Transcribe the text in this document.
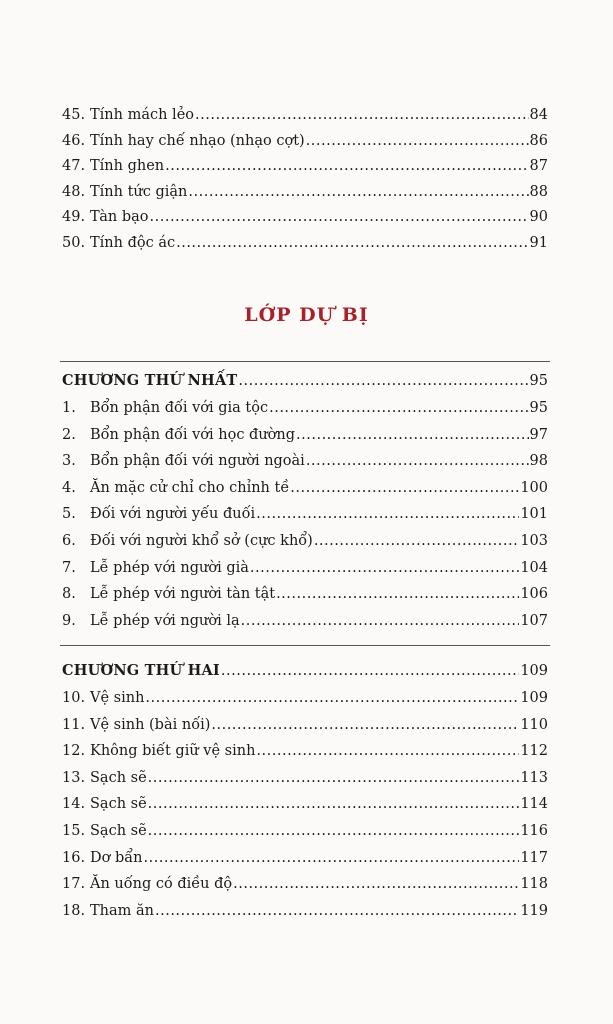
45. Tính mách lẻo .....	84
46. Tính hay chế nhạo (nhạo cợt) .....	86
47. Tính ghen .....	87
48. Tính tức giận .....	88
49. Tàn bạo .....	90
50. Tính độc ác .....	91
LỚP DỰ BỊ
CHƯƠNG THỨ NHẤT .....	95
1. Bổn phận đối với gia tộc .....	95
2. Bổn phận đối với học đường .....	97
3. Bổn phận đối với người ngoài .....	98
4. Ăn mặc cử chỉ cho chỉnh tề .....	100
5. Đối với người yếu đuối .....	101
6. Đối với người khổ sở (cực khổ) .....	103
7. Lễ phép với người già .....	104
8. Lễ phép với người tàn tật .....	106
9. Lễ phép với người lạ .....	107
CHƯƠNG THỨ HAI .....	109
10. Vệ sinh .....	109
11. Vệ sinh (bài nối) .....	110
12. Không biết giữ vệ sinh .....	112
13. Sạch sẽ .....	113
14. Sạch sẽ .....	114
15. Sạch sẽ .....	116
16. Dơ bẩn .....	117
17. Ăn uống có điều độ .....	118
18. Tham ăn .....	119
